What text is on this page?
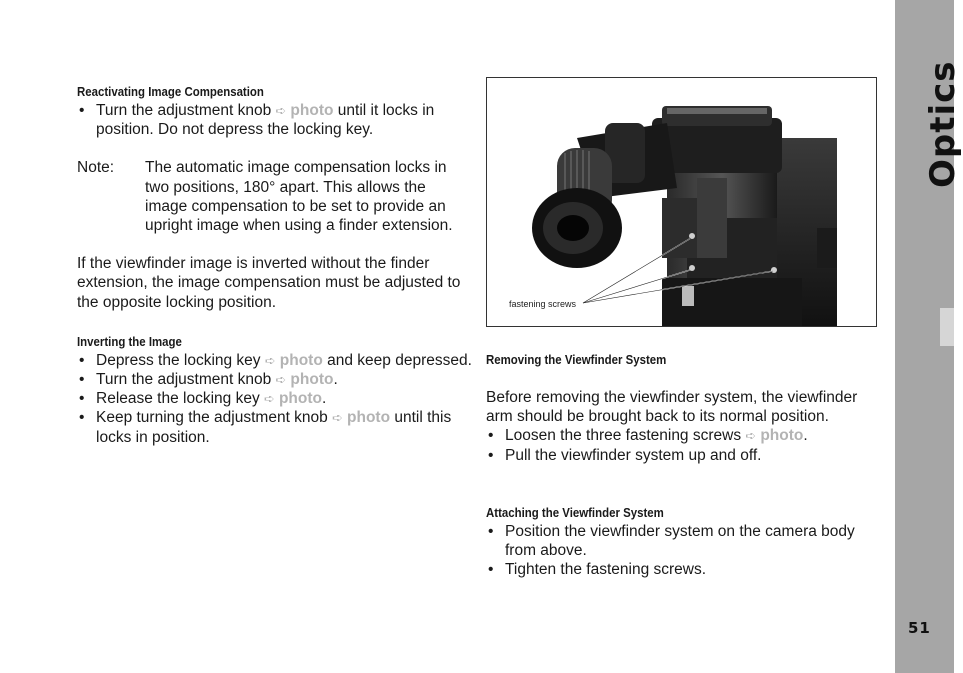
Optics
51
Reactivating Image Compensation
• Turn the adjustment knob ➪ photo until it locks in position. Do not depress the locking key.
Note:	The automatic image compensation locks in two positions, 180° apart. This allows the image compensation to be set to provide an upright image when using a finder extension.

If the viewfinder image is inverted without the finder extension, the image compensation must be adjusted to the opposite locking position.

Inverting the Image
• Depress the locking key ➪ photo and keep depressed.
• Turn the adjustment knob ➪ photo.
• Release the locking key ➪ photo.
• Keep turning the adjustment knob ➪ photo until this locks in position.
fastening screws
Removing the Viewfinder System

Before removing the viewfinder system, the viewfinder arm should be brought back to its normal position.

• Loosen the three fastening screws ➪ photo.
• Pull the viewfinder system up and off.
Attaching the Viewfinder System
• Position the viewfinder system on the camera body from above.
• Tighten the fastening screws.
